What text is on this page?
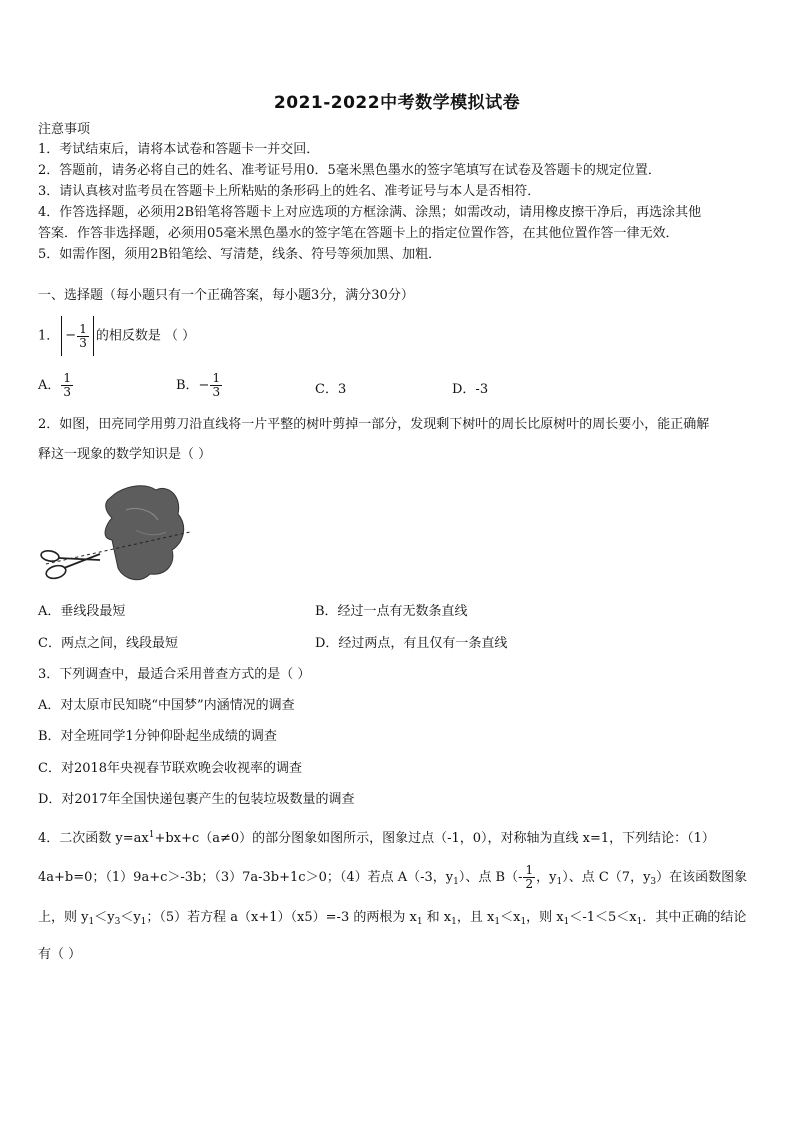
2021-2022中考数学模拟试卷
注意事项
1．考试结束后，请将本试卷和答题卡一并交回．
2．答题前，请务必将自己的姓名、准考证号用0．5毫米黑色墨水的签字笔填写在试卷及答题卡的规定位置．
3．请认真核对监考员在答题卡上所粘贴的条形码上的姓名、准考证号与本人是否相符．
4．作答选择题，必须用2B铅笔将答题卡上对应选项的方框涂满、涂黑；如需改动，请用橡皮擦干净后，再选涂其他
答案．作答非选择题，必须用05毫米黑色墨水的签字笔在答题卡上的指定位置作答，在其他位置作答一律无效．
5．如需作图，须用2B铅笔绘、写清楚，线条、符号等须加黑、加粗．
一、选择题（每小题只有一个正确答案，每小题3分，满分30分）
1． − $\frac{1}{3}$ 的相反数是 （ ）
A． $\frac{1}{3}$	B．− $\frac{1}{3}$	C．3	D．-3
2．如图，田亮同学用剪刀沿直线将一片平整的树叶剪掉一部分，发现剩下树叶的周长比原树叶的周长要小，能正确解
释这一现象的数学知识是（ ）
A．垂线段最短	B．经过一点有无数条直线
C．两点之间，线段最短	D．经过两点，有且仅有一条直线
3．下列调查中，最适合采用普查方式的是（ ）
A．对太原市民知晓“中国梦”内涵情况的调查
B．对全班同学1分钟仰卧起坐成绩的调查
C．对2018年央视春节联欢晚会收视率的调查
D．对2017年全国快递包裹产生的包装垃圾数量的调查
4．二次函数 $y=ax^1+bx+c(a\ne 0)$的部分图象如图所示，图象过点（-1，0），对称轴为直线 x=1，下列结论：（1）
4a+b=0；（1）9a+c＞-3b；（3）7a-3b+1c＞0；（4）若点 A（-3，$y_1$）、点 $B(- \frac{1}{2}$ ，$y_1$）、点 C（7，$y_3$）在该函数图象
上，则 $y_1<y_3<y_1$；（5）若方程 a（x+1）（x5）=-3 的两根为 $x_1$ 和 $x_1$，且 $x_1<x_1$，则 $x_1<-1<5<x_1$．其中正确的结论
有（ ）
